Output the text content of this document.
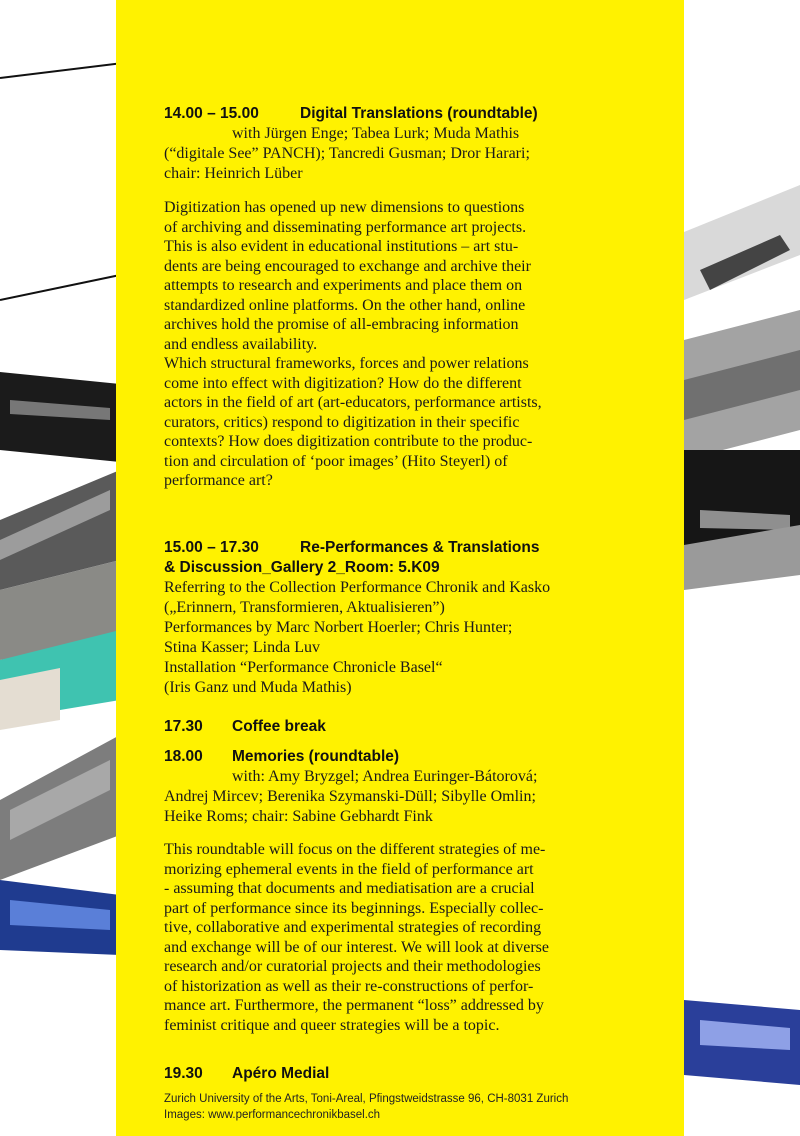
14.00 – 15.00	Digital Translations (roundtable)
with Jürgen Enge; Tabea Lurk; Muda Mathis
(“digitale See” PANCH); Tancredi Gusman; Dror Harari;
chair: Heinrich Lüber
Digitization has opened up new dimensions to questions
of archiving and disseminating performance art projects.
This is also evident in educational institutions – art stu-
dents are being encouraged to exchange and archive their
attempts to research and experiments and place them on
standardized online platforms. On the other hand, online
archives hold the promise of all-embracing information
and endless availability.
Which structural frameworks, forces and power relations
come into effect with digitization? How do the different
actors in the field of art (art-educators, performance artists,
curators, critics) respond to digitization in their specific
contexts? How does digitization contribute to the produc-
tion and circulation of ‘poor images’ (Hito Steyerl) of
performance art?
15.00 – 17.30	Re-Performances & Translations
& Discussion_Gallery 2_Room: 5.K09
Referring to the Collection Performance Chronik and Kasko
(„Erinnern, Transformieren, Aktualisieren”)
Performances by Marc Norbert Hoerler; Chris Hunter;
Stina Kasser; Linda Luv
Installation “Performance Chronicle Basel“
(Iris Ganz und Muda Mathis)
17.30 Coffee break
18.00 Memories (roundtable)
with: Amy Bryzgel; Andrea Euringer-Bátorová;
Andrej Mircev; Berenika Szymanski-Düll; Sibylle Omlin;
Heike Roms; chair: Sabine Gebhardt Fink
This roundtable will focus on the different strategies of me-
morizing ephemeral events in the field of performance art
- assuming that documents and mediatisation are a crucial
part of performance since its beginnings. Especially collec-
tive, collaborative and experimental strategies of recording
and exchange will be of our interest. We will look at diverse
research and/or curatorial projects and their methodologies
of historization as well as their re-constructions of perfor-
mance art. Furthermore, the permanent “loss” addressed by
feminist critique and queer strategies will be a topic.
19.30 Apéro Medial
Zurich University of the Arts, Toni-Areal, Pfingstweidstrasse 96, CH-8031 Zurich
Images: www.performancechronikbasel.ch
